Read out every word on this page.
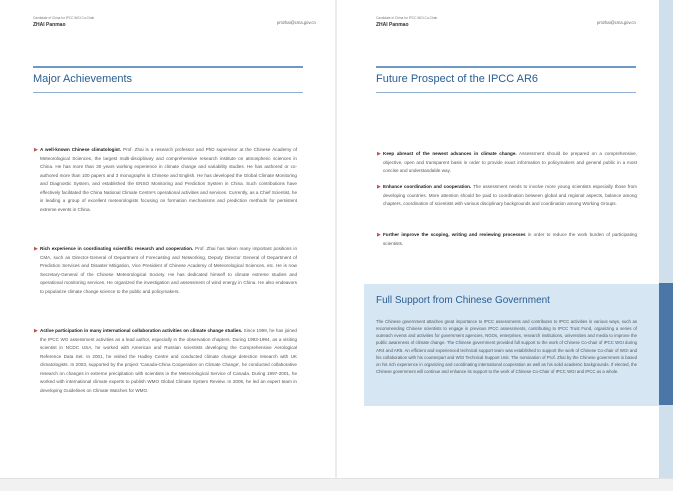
Candidate of China for IPCC WGI Co-Chair
ZHAI Panmao	pmzhai@cma.gov.cn
Major Achievements
▶ A well-known Chinese climatologist. Prof. Zhai is a research professor and PhD supervisor at the Chinese Academy of Meteorological Sciences, the largest multi-disciplinary and comprehensive research institute on atmospheric sciences in China. He has more than 30 years working experience in climate change and variability studies. He has authored or co-authored more than 100 papers and 3 monographs in Chinese and English. He has developed the Global Climate Monitoring and Diagnostic System, and established the ENSO Monitoring and Prediction System in China. Such contributions have effectively facilitated the China National Climate Centre's operational activities and services. Currently, as a Chief Scientist, he is leading a group of excellent meteorologists focusing on formation mechanisms and prediction methods for persistent extreme events in China.
▶ Rich experience in coordinating scientific research and cooperation. Prof. Zhai has taken many important positions in CMA, such as Director-General of Department of Forecasting and Networking, Deputy Director General of Department of Prediction Services and Disaster Mitigation, Vice President of Chinese Academy of Meteorological Sciences, etc. He is now Secretary-General of the Chinese Meteorological Society. He has dedicated himself to climate extreme studies and operational monitoring services. He organized the investigation and assessment of wind energy in China. He also endeavors to popularize climate change science to the public and policymakers.
▶ Active participation in many international collaboration activities on climate change studies. Since 1998, he has joined the IPCC WG assessment activities as a lead author, especially in the observation chapters. During 1993-1994, as a visiting scientist in NCDC USA, he worked with American and Russian scientists developing the Comprehensive Aerological Reference Data Set. In 2001, he visited the Hadley Centre and conducted climate change detection research with UK climatologists. In 2003, supported by the project 'Canada-China Cooperation on Climate Change', he conducted collaborative research on changes in extreme precipitation with scientists in the Meteorological Service of Canada. During 1997-2001, he worked with international climate experts to publish WMO Global Climate System Review. In 2005, he led an expert team in developing Guidelines on Climate Watches for WMO.
Candidate of China for IPCC WGI Co-Chair
ZHAI Panmao	pmzhai@cma.gov.cn
Future Prospect of the IPCC AR6
▶ Keep abreast of the newest advances in climate change. Assessment should be prepared on a comprehensive, objective, open and transparent basis in order to provide exact information to policymakers and general public in a most concise and understandable way.
▶ Enhance coordination and cooperation. The assessment needs to involve more young scientists especially those from developing countries. More attention should be paid to coordination between global and regional aspects, balance among chapters, coordination of scientists with various disciplinary backgrounds and coordination among Working Groups.
▶ Further improve the scoping, writing and reviewing processes in order to reduce the work burden of participating scientists.
Full Support from Chinese Government
The Chinese government attaches great importance to IPCC assessments and contributes to IPCC activities in various ways, such as recommending Chinese scientists to engage in previous IPCC assessments, contributing to IPCC Trust Fund, organizing a series of outreach events and activities for government agencies, NGOs, enterprises, research institutions, universities and media to improve the public awareness of climate change. The Chinese government provided full support to the work of Chinese Co-chair of IPCC WGI during AR4 and AR5. An efficient and experienced technical support team was established to support the work of Chinese Co-chair of WGI and his collaboration with his counterpart and WGI Technical Support Unit. The nomination of Prof. Zhai by the Chinese government is based on his rich experience in organizing and coordinating international cooperation as well as his solid academic backgrounds. If elected, the Chinese government will continue and enhance its support to the work of Chinese Co-Chair of IPCC WGI and IPCC as a whole.
